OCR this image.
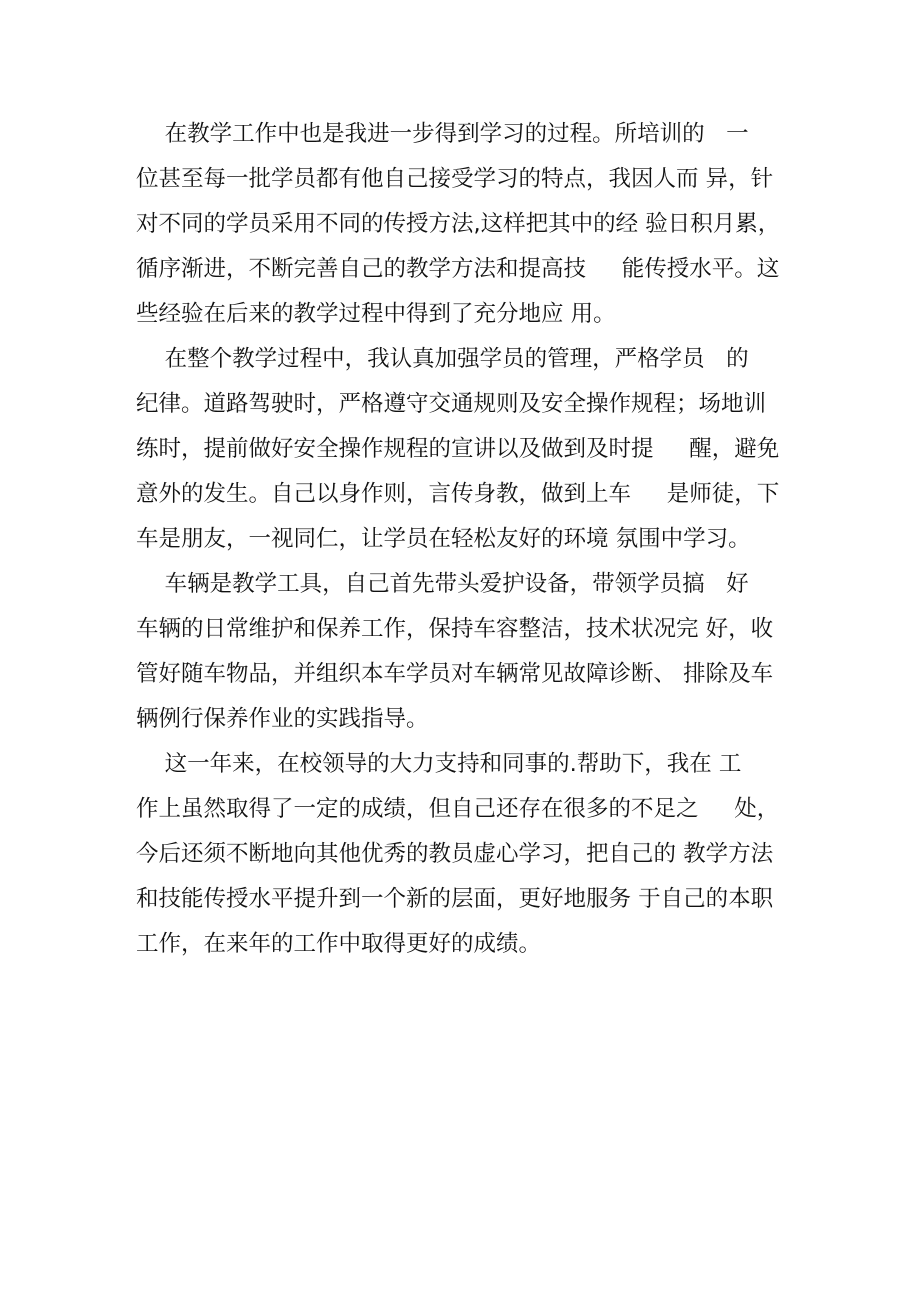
在教学工作中也是我进一步得到学习的过程。所培训的   一
位甚至每一批学员都有他自己接受学习的特点，我因人而 异，针
对不同的学员采用不同的传授方法,这样把其中的经 验日积月累，
循序渐进，不断完善自己的教学方法和提高技     能传授水平。这
些经验在后来的教学过程中得到了充分地应 用。
在整个教学过程中，我认真加强学员的管理，严格学员   的
纪律。道路驾驶时，严格遵守交通规则及安全操作规程；场地训
练时，提前做好安全操作规程的宣讲以及做到及时提     醒，避免
意外的发生。自己以身作则，言传身教，做到上车     是师徒，下
车是朋友，一视同仁，让学员在轻松友好的环境 氛围中学习。
车辆是教学工具，自己首先带头爱护设备，带领学员搞   好
车辆的日常维护和保养工作，保持车容整洁，技术状况完 好，收
管好随车物品，并组织本车学员对车辆常见故障诊断、 排除及车
辆例行保养作业的实践指导。
这一年来，在校领导的大力支持和同事的.帮助下，我在 工
作上虽然取得了一定的成绩，但自己还存在很多的不足之     处，
今后还须不断地向其他优秀的教员虚心学习，把自己的 教学方法
和技能传授水平提升到一个新的层面，更好地服务 于自己的本职
工作，在来年的工作中取得更好的成绩。
